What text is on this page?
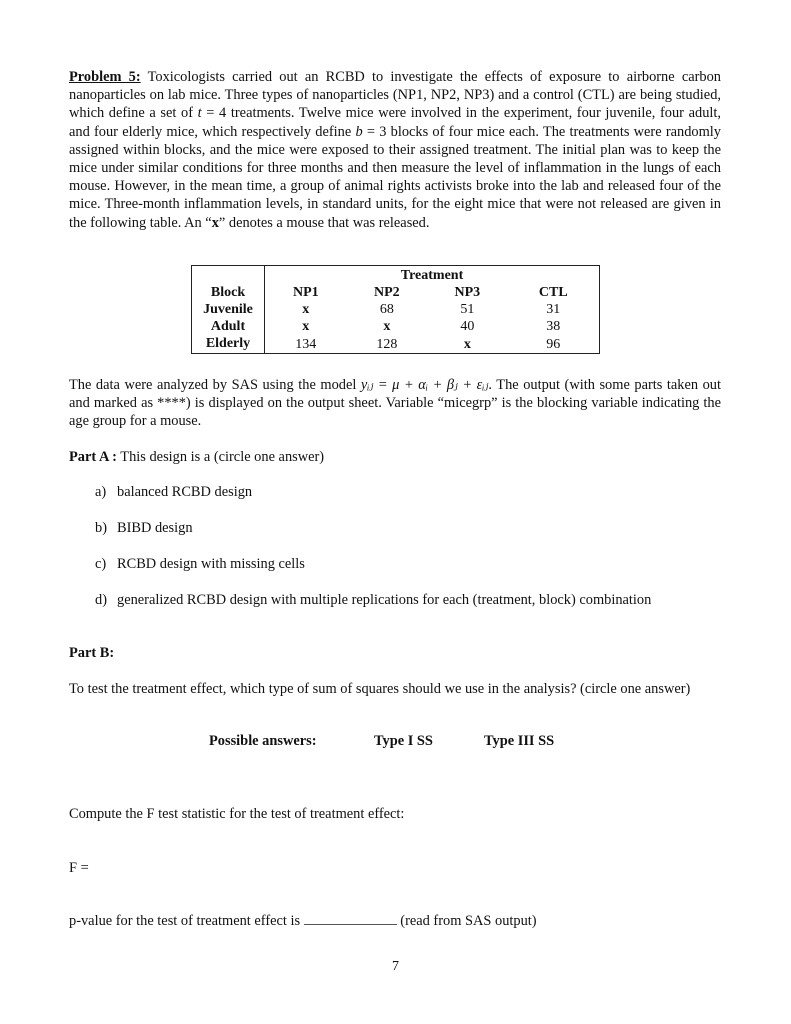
Problem 5: Toxicologists carried out an RCBD to investigate the effects of exposure to airborne carbon nanoparticles on lab mice. Three types of nanoparticles (NP1, NP2, NP3) and a control (CTL) are being studied, which define a set of t = 4 treatments. Twelve mice were involved in the experiment, four juvenile, four adult, and four elderly mice, which respectively define b = 3 blocks of four mice each. The treatments were randomly assigned within blocks, and the mice were exposed to their assigned treatment. The initial plan was to keep the mice under similar conditions for three months and then measure the level of inflammation in the lungs of each mouse. However, in the mean time, a group of animal rights activists broke into the lab and released four of the mice. Three-month inflammation levels, in standard units, for the eight mice that were not released are given in the following table. An “x” denotes a mouse that was released.

	Treatment			
Block	NP1	NP2	NP3	CTL
Juvenile	x	68	51	31
Adult	x	x	40	38
Elderly	134	128	x	96

The data were analyzed by SAS using the model yᵢⱼ = μ + αᵢ + βⱼ + εᵢⱼ. The output (with some parts taken out and marked as ****) is displayed on the output sheet. Variable “micegrp” is the blocking variable indicating the age group for a mouse.

Part A : This design is a (circle one answer)
a) balanced RCBD design
b) BIBD design
c) RCBD design with missing cells
d) generalized RCBD design with multiple replications for each (treatment, block) combination
Part B:

To test the treatment effect, which type of sum of squares should we use in the analysis? (circle one answer)

Possible answers:	Type I SS	Type III SS
Compute the F test statistic for the test of treatment effect:
F =
p-value for the test of treatment effect is	(read from SAS output)
7
